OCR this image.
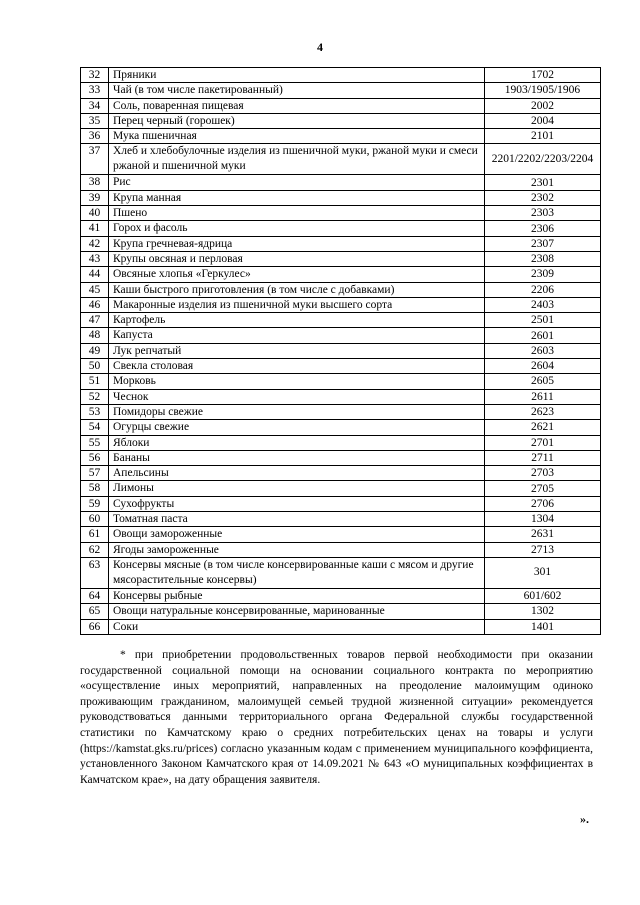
4
32	Пряники	1702
33	Чай (в том числе пакетированный)	1903/1905/1906
34	Соль, поваренная пищевая	2002
35	Перец черный (горошек)	2004
36	Мука пшеничная	2101
37	Хлеб и хлебобулочные изделия из пшеничной муки, ржаной муки и смеси ржаной и пшеничной муки	2201/2202/2203/2204
38	Рис	2301
39	Крупа манная	2302
40	Пшено	2303
41	Горох и фасоль	2306
42	Крупа гречневая-ядрица	2307
43	Крупы овсяная и перловая	2308
44	Овсяные хлопья «Геркулес»	2309
45	Каши быстрого приготовления (в том числе с добавками)	2206
46	Макаронные изделия из пшеничной муки высшего сорта	2403
47	Картофель	2501
48	Капуста	2601
49	Лук репчатый	2603
50	Свекла столовая	2604
51	Морковь	2605
52	Чеснок	2611
53	Помидоры свежие	2623
54	Огурцы свежие	2621
55	Яблоки	2701
56	Бананы	2711
57	Апельсины	2703
58	Лимоны	2705
59	Сухофрукты	2706
60	Томатная паста	1304
61	Овощи замороженные	2631
62	Ягоды замороженные	2713
63	Консервы мясные (в том числе консервированные каши с мясом и другие мясорастительные консервы)	301
64	Консервы рыбные	601/602
65	Овощи натуральные консервированные, маринованные	1302
66	Соки	1401

* при приобретении продовольственных товаров первой необходимости при оказании государственной социальной помощи на основании социального контракта по мероприятию «осуществление иных мероприятий, направленных на преодоление малоимущим одиноко проживающим гражданином, малоимущей семьей трудной жизненной ситуации» рекомендуется руководствоваться данными территориального органа Федеральной службы государственной статистики по Камчатскому краю о средних потребительских ценах на товары и услуги (https://kamstat.gks.ru/prices) согласно указанным кодам с применением муниципального коэффициента, установленного Законом Камчатского края от 14.09.2021 № 643 «О муниципальных коэффициентах в Камчатском крае», на дату обращения заявителя.

».
